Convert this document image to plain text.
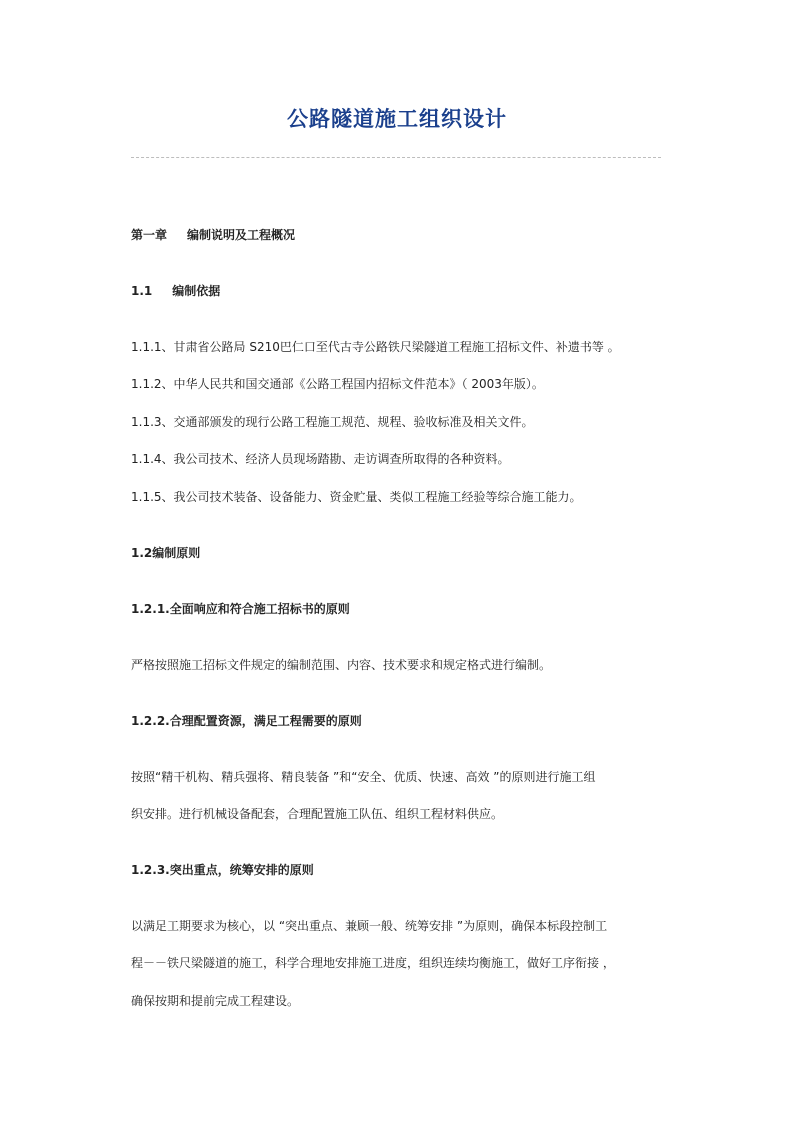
公路隧道施工组织设计
第一章 编制说明及工程概况
1.1 编制依据
1.1.1、甘肃省公路局 S210巴仁口至代古寺公路铁尺梁隧道工程施工招标文件、补遗书等 。
1.1.2、中华人民共和国交通部《公路工程国内招标文件范本》（ 2003年版）。
1.1.3、交通部颁发的现行公路工程施工规范、规程、验收标准及相关文件。
1.1.4、我公司技术、经济人员现场踏勘、走访调查所取得的各种资料。
1.1.5、我公司技术装备、设备能力、资金贮量、类似工程施工经验等综合施工能力。
1.2编制原则
1.2.1.全面响应和符合施工招标书的原则
严格按照施工招标文件规定的编制范围、内容、技术要求和规定格式进行编制。
1.2.2.合理配置资源，满足工程需要的原则
按照“精干机构、精兵强将、精良装备 ”和“安全、优质、快速、高效 ”的原则进行施工组
织安排。进行机械设备配套，合理配置施工队伍、组织工程材料供应。
1.2.3.突出重点，统筹安排的原则
以满足工期要求为核心，以 “突出重点、兼顾一般、统筹安排 ”为原则，确保本标段控制工
程－－铁尺梁隧道的施工，科学合理地安排施工进度，组织连续均衡施工，做好工序衔接 ，
确保按期和提前完成工程建设。
